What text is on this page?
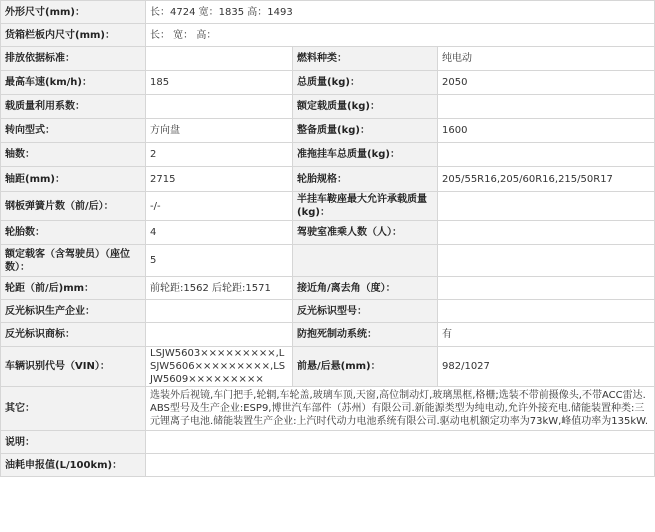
外形尺寸(mm)：	长：4724 宽：1835 高：1493		
货箱栏板内尺寸(mm)：	长： 宽： 高：		
排放依据标准：		燃料种类：	纯电动
最高车速(km/h)：	185	总质量(kg)：	2050
载质量利用系数：		额定载质量(kg)：	
转向型式：	方向盘	整备质量(kg)：	1600
轴数：	2	准拖挂车总质量(kg)：	
轴距(mm)：	2715	轮胎规格：	205/55R16,205/60R16,215/50R17
钢板弹簧片数（前/后）：	-/-	半挂车鞍座最大允许承载质量(kg)：	
轮胎数：	4	驾驶室准乘人数（人）：	
额定载客（含驾驶员）（座位数）：	5		
轮距（前/后)mm：	前轮距:1562 后轮距:1571	接近角/离去角（度）：	
反光标识生产企业：		反光标识型号：	
反光标识商标：		防抱死制动系统：	有
车辆识别代号（VIN）：	LSJW5603×××××××××,LSJW5606×××××××××,LSJW5609×××××××××	前悬/后悬(mm)：	982/1027
其它：	选装外后视镜,车门把手,轮辋,车轮盖,玻璃车顶,天窗,高位制动灯,玻璃黑框,格栅;选装不带前摄像头,不带ACC雷达.ABS型号及生产企业:ESP9,博世汽车部件（苏州）有限公司.新能源类型为纯电动,允许外接充电.储能装置种类:三元锂离子电池.储能装置生产企业:上汽时代动力电池系统有限公司.驱动电机额定功率为73kW,峰值功率为135kW.		
说明：			
油耗申报值(L/100km)：			
